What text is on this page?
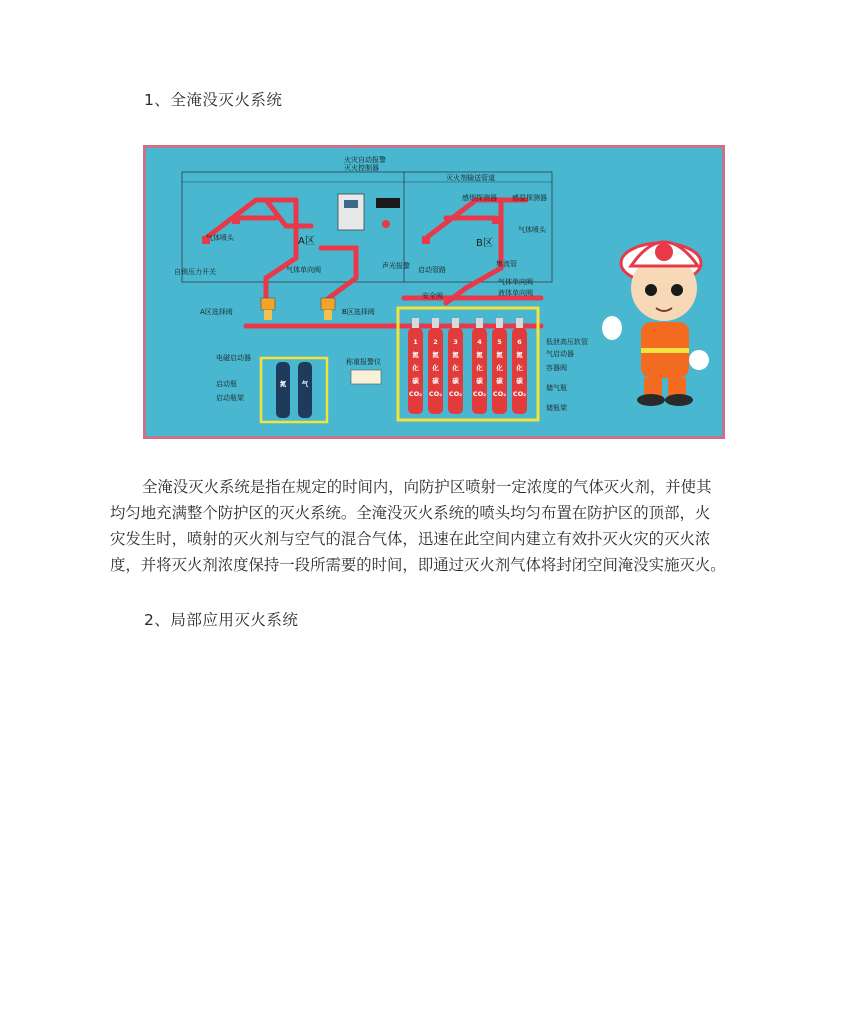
1、全淹没灭火系统
氮 气
1
氮
化
碳
CO₂
2
氮
化
碳
CO₂
3
氮
化
碳
CO₂
4
氮
化
碳
CO₂
5
氮
化
碳
CO₂
6
氮
化
碳
CO₂
火灾自动报警
灭火控制器
声光报警
灭火剂输送管道
感烟探测器 感温探测器
气体喷头	A区	B区
气体喷头
自锁压力开关	气体单向阀	启动管路
集流管
气体单向阀
液体单向阀
安全阀
A区选择阀	B区选择阀
低泄高压软管
气启动器
容器阀
电磁启动器
启动瓶
启动瓶架
称重报警仪
储气瓶
储瓶架
全淹没灭火系统是指在规定的时间内，向防护区喷射一定浓度的气体灭火剂，并使其
均匀地充满整个防护区的灭火系统。全淹没灭火系统的喷头均匀布置在防护区的顶部，火
灾发生时，喷射的灭火剂与空气的混合气体，迅速在此空间内建立有效扑灭火灾的灭火浓
度，并将灭火剂浓度保持一段所需要的时间，即通过灭火剂气体将封闭空间淹没实施灭火。
2、局部应用灭火系统
